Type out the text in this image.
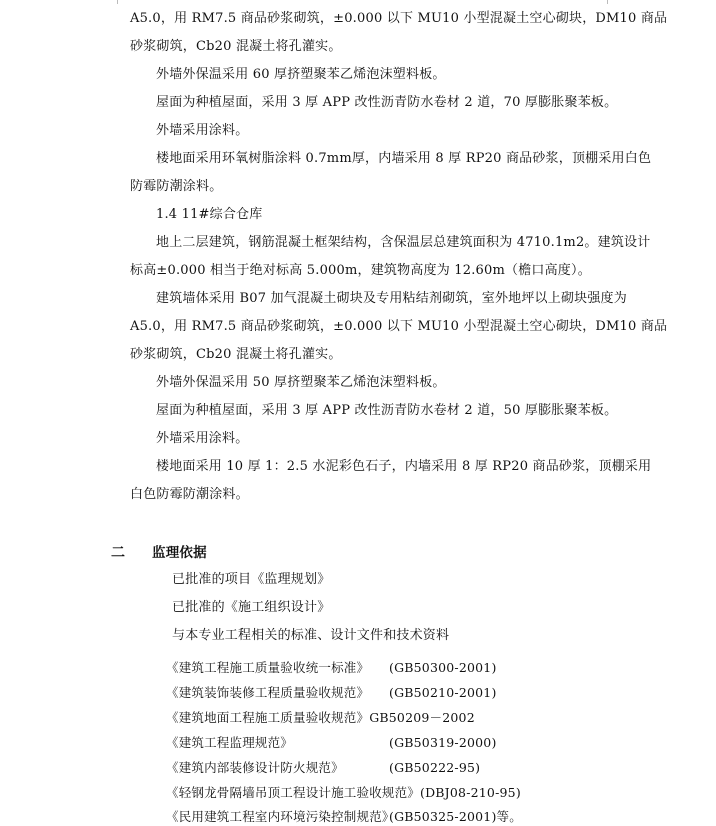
A5.0，用 RM7.5 商品砂浆砌筑，±0.000 以下 MU10 小型混凝土空心砌块，DM10 商品
砂浆砌筑，Cb20 混凝土将孔灌实。
外墙外保温采用 60 厚挤塑聚苯乙烯泡沫塑料板。
屋面为种植屋面，采用 3 厚 APP 改性沥青防水卷材 2 道，70 厚膨胀聚苯板。
外墙采用涂料。
楼地面采用环氧树脂涂料 0.7mm厚，内墙采用 8 厚 RP20 商品砂浆，顶棚采用白色
防霉防潮涂料。
1.4 11#综合仓库
地上二层建筑，钢筋混凝土框架结构，含保温层总建筑面积为 4710.1m2。建筑设计
标高±0.000 相当于绝对标高 5.000m，建筑物高度为 12.60m（檐口高度）。
建筑墙体采用 B07 加气混凝土砌块及专用粘结剂砌筑，室外地坪以上砌块强度为
A5.0，用 RM7.5 商品砂浆砌筑，±0.000 以下 MU10 小型混凝土空心砌块，DM10 商品
砂浆砌筑，Cb20 混凝土将孔灌实。
外墙外保温采用 50 厚挤塑聚苯乙烯泡沫塑料板。
屋面为种植屋面，采用 3 厚 APP 改性沥青防水卷材 2 道，50 厚膨胀聚苯板。
外墙采用涂料。
楼地面采用 10 厚 1：2.5 水泥彩色石子，内墙采用 8 厚 RP20 商品砂浆，顶棚采用
白色防霉防潮涂料。
二 监理依据
已批准的项目《监理规划》
已批准的《施工组织设计》
与本专业工程相关的标准、设计文件和技术资料
《建筑工程施工质量验收统一标准》 (GB50300-2001)
《建筑装饰装修工程质量验收规范》 (GB50210-2001)
《建筑地面工程施工质量验收规范》GB50209－2002
《建筑工程监理规范》	(GB50319-2000)
《建筑内部装修设计防火规范》	(GB50222-95)
《轻钢龙骨隔墙吊顶工程设计施工验收规范》(DBJ08-210-95)
《民用建筑工程室内环境污染控制规范》
(GB50325-2001)等。
